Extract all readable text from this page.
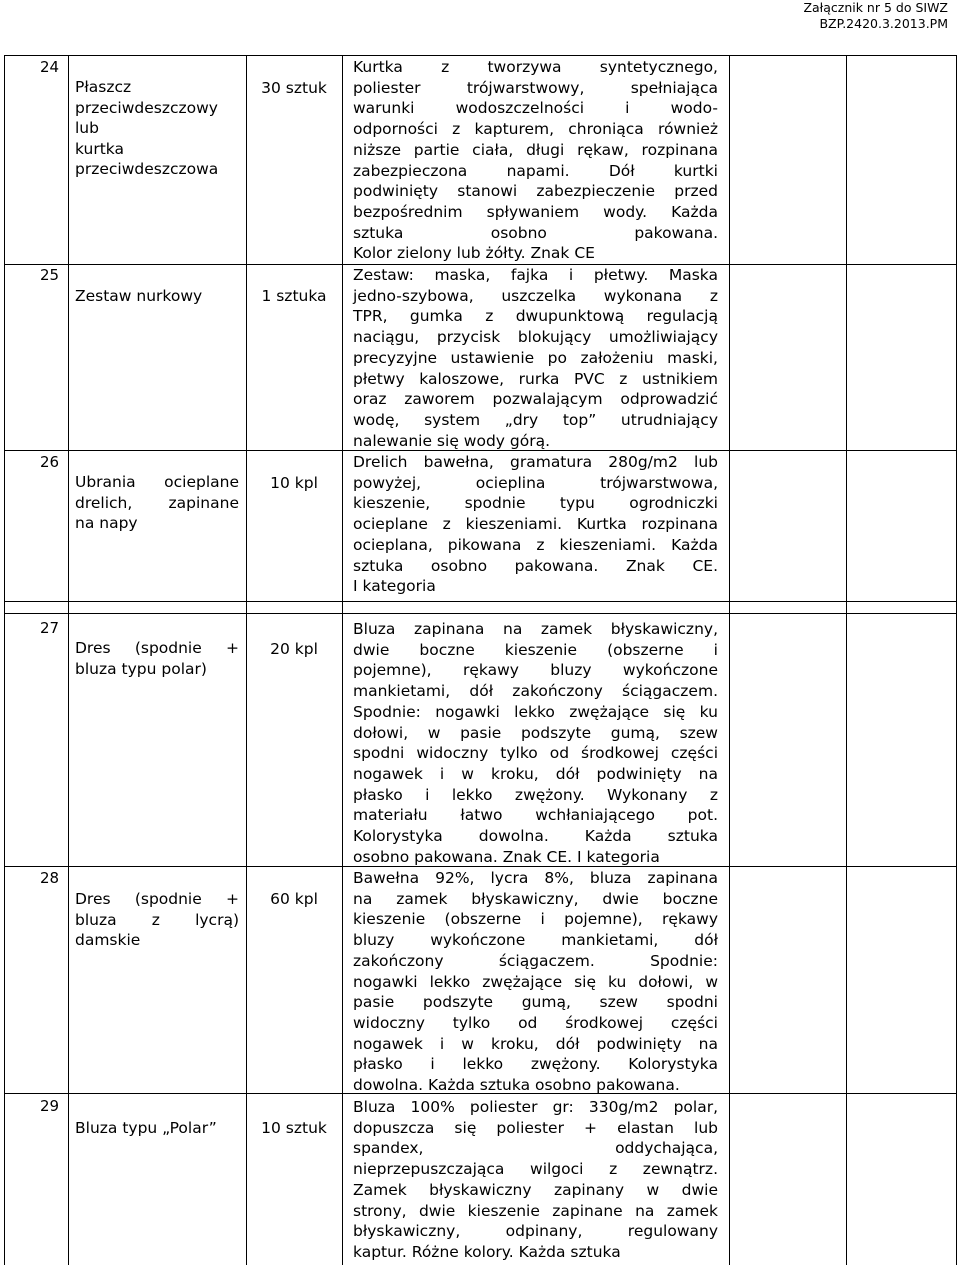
Załącznik nr 5 do SIWZ
BZP.2420.3.2013.PM
24
Płaszcz
przeciwdeszczowy
lub
kurtka
przeciwdeszczowa
30 sztuk
Kurtka z tworzywa syntetycznego,
poliester trójwarstwowy, spełniająca
warunki wodoszczelności i wodo-
odporności z kapturem, chroniąca również
niższe partie ciała, długi rękaw, rozpinana
zabezpieczona napami. Dół kurtki
podwinięty stanowi zabezpieczenie przed
bezpośrednim spływaniem wody. Każda
sztuka osobno pakowana.
Kolor zielony lub żółty. Znak CE
25
Zestaw nurkowy	1 sztuka
Zestaw: maska, fajka i płetwy. Maska
jedno-szybowa, uszczelka wykonana z
TPR, gumka z dwupunktową regulacją
naciągu, przycisk blokujący umożliwiający
precyzyjne ustawienie po założeniu maski,
płetwy kaloszowe, rurka PVC z ustnikiem
oraz zaworem pozwalającym odprowadzić
wodę, system „dry top” utrudniający
nalewanie się wody górą.
26
Ubrania ocieplane
drelich, zapinane
na napy
10 kpl
Drelich bawełna, gramatura 280g/m2 lub
powyżej, ocieplina trójwarstwowa,
kieszenie, spodnie typu ogrodniczki
ocieplane z kieszeniami. Kurtka rozpinana
ocieplana, pikowana z kieszeniami. Każda
sztuka osobno pakowana. Znak CE.
I kategoria
27
Dres (spodnie +
bluza typu polar)
20 kpl
Bluza zapinana na zamek błyskawiczny,
dwie boczne kieszenie (obszerne i
pojemne), rękawy bluzy wykończone
mankietami, dół zakończony ściągaczem.
Spodnie: nogawki lekko zwężające się ku
dołowi, w pasie podszyte gumą, szew
spodni widoczny tylko od środkowej części
nogawek i w kroku, dół podwinięty na
płasko i lekko zwężony. Wykonany z
materiału łatwo wchłaniającego pot.
Kolorystyka dowolna. Każda sztuka
osobno pakowana. Znak CE. I kategoria
28
Dres (spodnie +
bluza z lycrą)
damskie
60 kpl
Bawełna 92%, lycra 8%, bluza zapinana
na zamek błyskawiczny, dwie boczne
kieszenie (obszerne i pojemne), rękawy
bluzy wykończone mankietami, dół
zakończony ściągaczem. Spodnie:
nogawki lekko zwężające się ku dołowi, w
pasie podszyte gumą, szew spodni
widoczny tylko od środkowej części
nogawek i w kroku, dół podwinięty na
płasko i lekko zwężony. Kolorystyka
dowolna. Każda sztuka osobno pakowana.
29
Bluza typu „Polar”	10 sztuk
Bluza 100% poliester gr: 330g/m2 polar,
dopuszcza się poliester + elastan lub
spandex, oddychająca,
nieprzepuszczająca wilgoci z zewnątrz.
Zamek błyskawiczny zapinany w dwie
strony, dwie kieszenie zapinane na zamek
błyskawiczny, odpinany, regulowany
kaptur. Różne kolory. Każda sztuka
